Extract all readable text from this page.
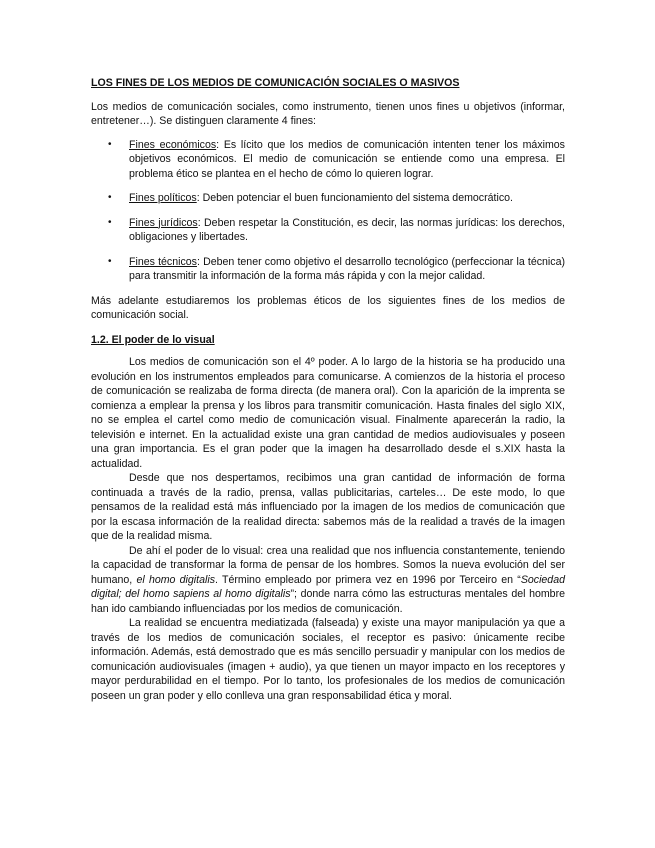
LOS FINES DE LOS MEDIOS DE COMUNICACIÓN SOCIALES O MASIVOS

Los medios de comunicación sociales, como instrumento, tienen unos fines u objetivos (informar, entretener…). Se distinguen claramente 4 fines:

• Fines económicos: Es lícito que los medios de comunicación intenten tener los máximos objetivos económicos. El medio de comunicación se entiende como una empresa. El problema ético se plantea en el hecho de cómo lo quieren lograr.
• Fines políticos: Deben potenciar el buen funcionamiento del sistema democrático.
• Fines jurídicos: Deben respetar la Constitución, es decir, las normas jurídicas: los derechos, obligaciones y libertades.
• Fines técnicos: Deben tener como objetivo el desarrollo tecnológico (perfeccionar la técnica) para transmitir la información de la forma más rápida y con la mejor calidad.

Más adelante estudiaremos los problemas éticos de los siguientes fines de los medios de comunicación social.

1.2. El poder de lo visual

Los medios de comunicación son el 4º poder. A lo largo de la historia se ha producido una evolución en los instrumentos empleados para comunicarse. A comienzos de la historia el proceso de comunicación se realizaba de forma directa (de manera oral). Con la aparición de la imprenta se comienza a emplear la prensa y los libros para transmitir comunicación. Hasta finales del siglo XIX, no se emplea el cartel como medio de comunicación visual. Finalmente aparecerán la radio, la televisión e internet. En la actualidad existe una gran cantidad de medios audiovisuales y poseen una gran importancia. Es el gran poder que la imagen ha desarrollado desde el s.XIX hasta la actualidad.

Desde que nos despertamos, recibimos una gran cantidad de información de forma continuada a través de la radio, prensa, vallas publicitarias, carteles… De este modo, lo que pensamos de la realidad está más influenciado por la imagen de los medios de comunicación que por la escasa información de la realidad directa: sabemos más de la realidad a través de la imagen que de la realidad misma.

De ahí el poder de lo visual: crea una realidad que nos influencia constantemente, teniendo la capacidad de transformar la forma de pensar de los hombres. Somos la nueva evolución del ser humano, el homo digitalis. Término empleado por primera vez en 1996 por Terceiro en “Sociedad digital; del homo sapiens al homo digitalis”; donde narra cómo las estructuras mentales del hombre han ido cambiando influenciadas por los medios de comunicación.

La realidad se encuentra mediatizada (falseada) y existe una mayor manipulación ya que a través de los medios de comunicación sociales, el receptor es pasivo: únicamente recibe información. Además, está demostrado que es más sencillo persuadir y manipular con los medios de comunicación audiovisuales (imagen + audio), ya que tienen un mayor impacto en los receptores y mayor perdurabilidad en el tiempo. Por lo tanto, los profesionales de los medios de comunicación poseen un gran poder y ello conlleva una gran responsabilidad ética y moral.
